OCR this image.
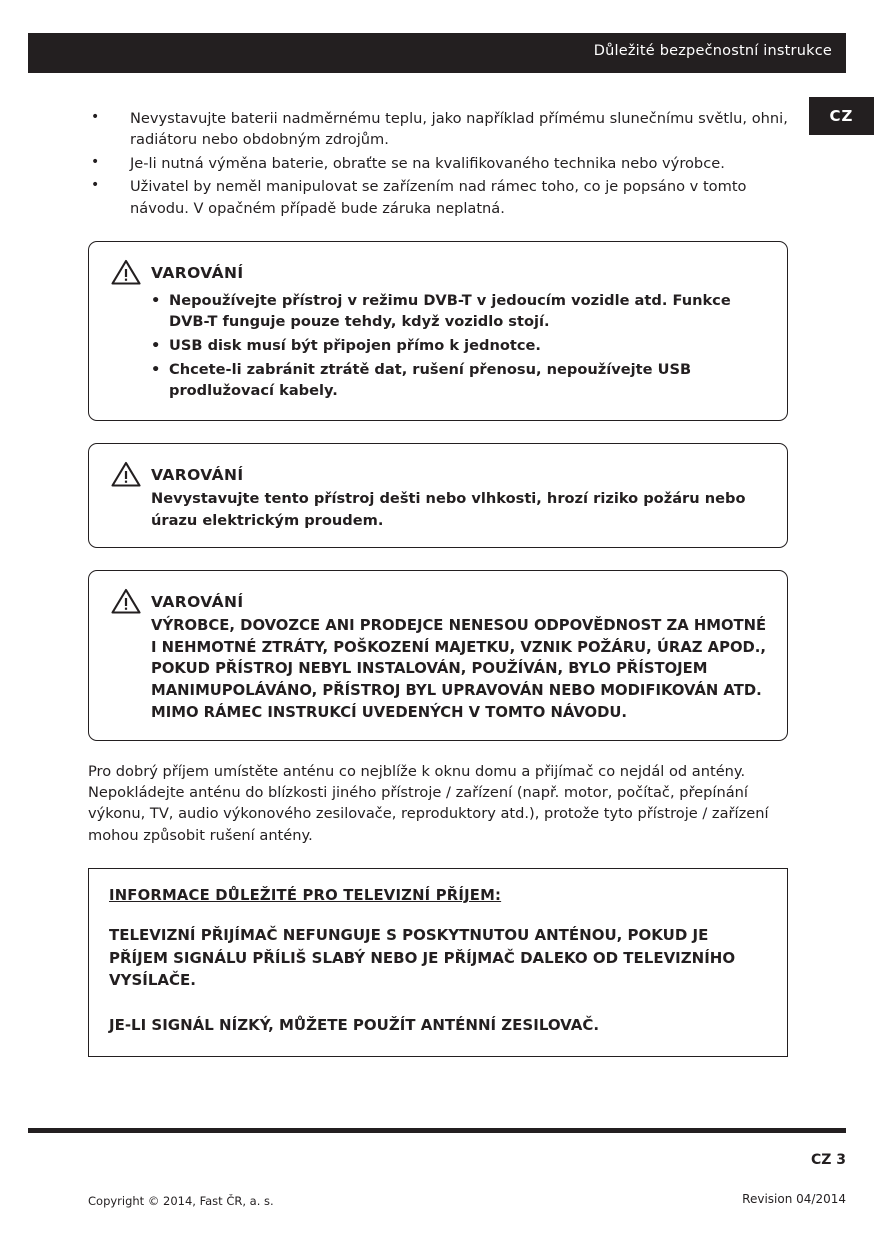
Důležité bezpečnostní instrukce
CZ
• Nevystavujte baterii nadměrnému teplu, jako například přímému slunečnímu světlu, ohni, radiátoru nebo obdobným zdrojům.
• Je-li nutná výměna baterie, obraťte se na kvalifikovaného technika nebo výrobce.
• Uživatel by neměl manipulovat se zařízením nad rámec toho, co je popsáno v tomto návodu. V opačném případě bude záruka neplatná.
VAROVÁNÍ
• Nepoužívejte přístroj v režimu DVB-T v jedoucím vozidle atd. Funkce DVB-T funguje pouze tehdy, když vozidlo stojí.
• USB disk musí být připojen přímo k jednotce.
• Chcete-li zabránit ztrátě dat, rušení přenosu, nepoužívejte USB prodlužovací kabely.
VAROVÁNÍ
Nevystavujte tento přístroj dešti nebo vlhkosti, hrozí riziko požáru nebo úrazu elektrickým proudem.
VAROVÁNÍ
VÝROBCE, DOVOZCE ANI PRODEJCE NENESOU ODPOVĚDNOST ZA HMOTNÉ I NEHMOTNÉ ZTRÁTY, POŠKOZENÍ MAJETKU, VZNIK POŽÁRU, ÚRAZ APOD., POKUD PŘÍSTROJ NEBYL INSTALOVÁN, POUŽÍVÁN, BYLO PŘÍSTOJEM MANIMUPOLÁVÁNO, PŘÍSTROJ BYL UPRAVOVÁN NEBO MODIFIKOVÁN ATD. MIMO RÁMEC INSTRUKCÍ UVEDENÝCH V TOMTO NÁVODU.

Pro dobrý příjem umístěte anténu co nejblíže k oknu domu a přijímač co nejdál od antény.

Nepokládejte anténu do blízkosti jiného přístroje / zařízení (např. motor, počítač, přepínání výkonu, TV, audio výkonového zesilovače, reproduktory atd.), protože tyto přístroje / zařízení mohou způsobit rušení antény.

INFORMACE DŮLEŽITÉ PRO TELEVIZNÍ PŘÍJEM:
TELEVIZNÍ PŘIJÍMAČ NEFUNGUJE S POSKYTNUTOU ANTÉNOU, POKUD JE PŘÍJEM SIGNÁLU PŘÍLIŠ SLABÝ NEBO JE PŘÍJMAČ DALEKO OD TELEVIZNÍHO VYSÍLAČE.
JE-LI SIGNÁL NÍZKÝ, MŮŽETE POUŽÍT ANTÉNNÍ ZESILOVAČ.
Copyright © 2014, Fast ČR, a. s.
CZ 3
Revision 04/2014
